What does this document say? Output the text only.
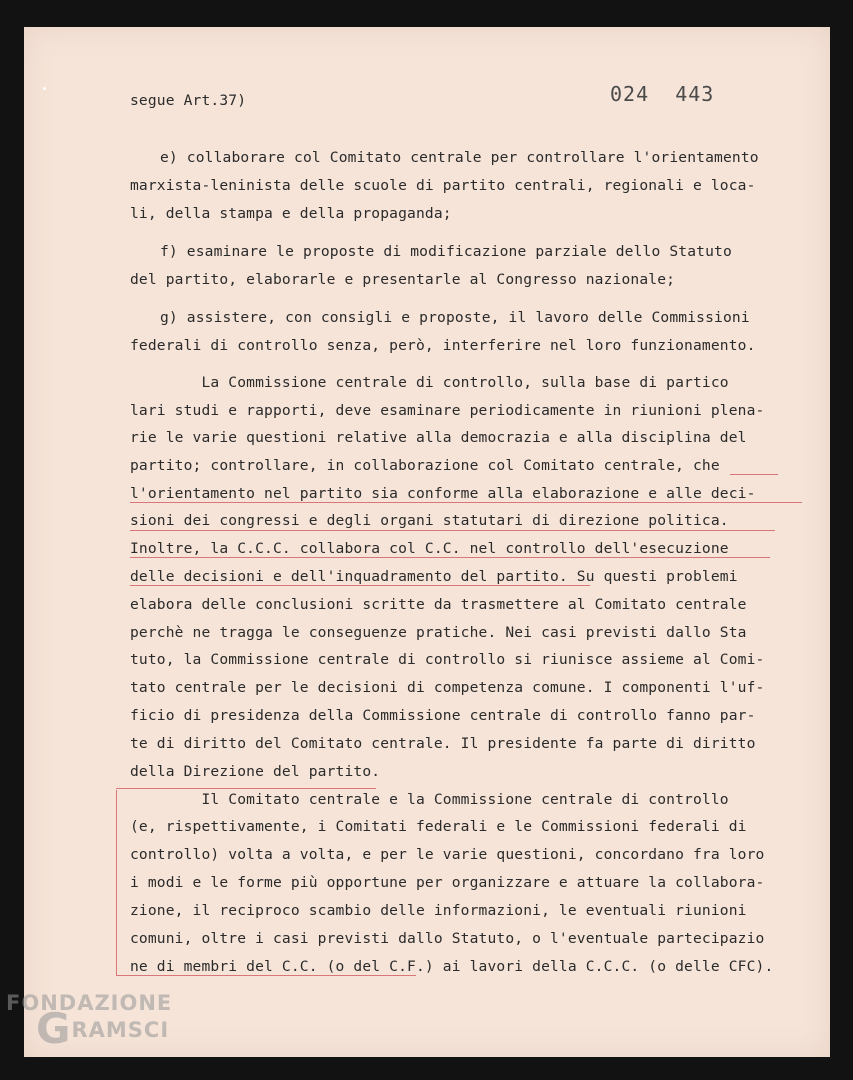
segue Art.37)	024  443
e) collaborare col Comitato centrale per controllare l'orientamento
marxista-leninista delle scuole di partito centrali, regionali e loca-
li, della stampa e della propaganda;
f) esaminare le proposte di modificazione parziale dello Statuto
del partito, elaborarle e presentarle al Congresso nazionale;
g) assistere, con consigli e proposte, il lavoro delle Commissioni
federali di controllo senza, però, interferire nel loro funzionamento.
La Commissione centrale di controllo, sulla base di partico
lari studi e rapporti, deve esaminare periodicamente in riunioni plena-
rie le varie questioni relative alla democrazia e alla disciplina del
partito; controllare, in collaborazione col Comitato centrale, che
l'orientamento nel partito sia conforme alla elaborazione e alle deci-
sioni dei congressi e degli organi statutari di direzione politica.
Inoltre, la C.C.C. collabora col C.C. nel controllo dell'esecuzione
delle decisioni e dell'inquadramento del partito. Su questi problemi
elabora delle conclusioni scritte da trasmettere al Comitato centrale
perchè ne tragga le conseguenze pratiche. Nei casi previsti dallo Sta
tuto, la Commissione centrale di controllo si riunisce assieme al Comi-
tato centrale per le decisioni di competenza comune. I componenti l'uf-
ficio di presidenza della Commissione centrale di controllo fanno par-
te di diritto del Comitato centrale. Il presidente fa parte di diritto
della Direzione del partito.
Il Comitato centrale e la Commissione centrale di controllo
(e, rispettivamente, i Comitati federali e le Commissioni federali di
controllo) volta a volta, e per le varie questioni, concordano fra loro
i modi e le forme più opportune per organizzare e attuare la collabora-
zione, il reciproco scambio delle informazioni, le eventuali riunioni
comuni, oltre i casi previsti dallo Statuto, o l'eventuale partecipazio
ne di membri del C.C. (o del C.F.) ai lavori della C.C.C. (o delle CFC).
FONDAZIONE
GRAMSCI
